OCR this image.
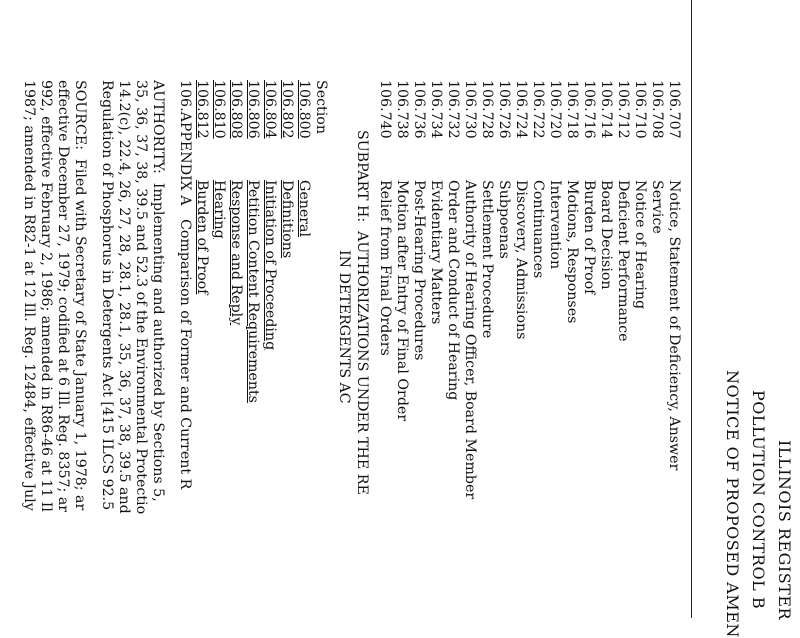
ILLINOIS REGISTER
POLLUTION CONTROL B
NOTICE OF PROPOSED AMEN
106.707Notice, Statement of Deficiency, Answer
106.708Service
106.710Notice of Hearing
106.712Deficient Performance
106.714Board Decision
106.716Burden of Proof
106.718Motions, Responses
106.720Intervention
106.722Continuances
106.724Discovery, Admissions
106.726Subpoenas
106.728Settlement Procedure
106.730Authority of Hearing Officer, Board Member
106.732Order and Conduct of Hearing
106.734Evidentiary Matters
106.736Post-Hearing Procedures
106.738Motion after Entry of Final Order
106.740Relief from Final Orders
SUBPART H:  AUTHORIZATIONS UNDER THE RE
IN DETERGENTS AC
Section
106.800General
106.802Definitions
106.804Initiation of Proceeding
106.806Petition Content Requirements
106.808Response and Reply
106.810Hearing
106.812Burden of Proof
106.APPENDIX A   Comparison of Former and Current R
AUTHORITY:  Implementing and authorized by Sections 5,
35, 36, 37, 38, 39.5 and 52.3 of the Environmental Protectio
14.2(c), 22.4, 26, 27, 28, 28.1, 28.1, 35, 36, 37, 38, 39.5 and
Regulation of Phosphorus in Detergents Act [415 ILCS 92.5
SOURCE:  Filed with Secretary of State January 1, 1978; ar
effective December 27, 1979; codified at 6 Ill. Reg. 8357; ar
992, effective February 2, 1986; amended in R86-46 at 11 Il
1987; amended in R82-1 at 12 Ill. Reg. 12484, effective July
